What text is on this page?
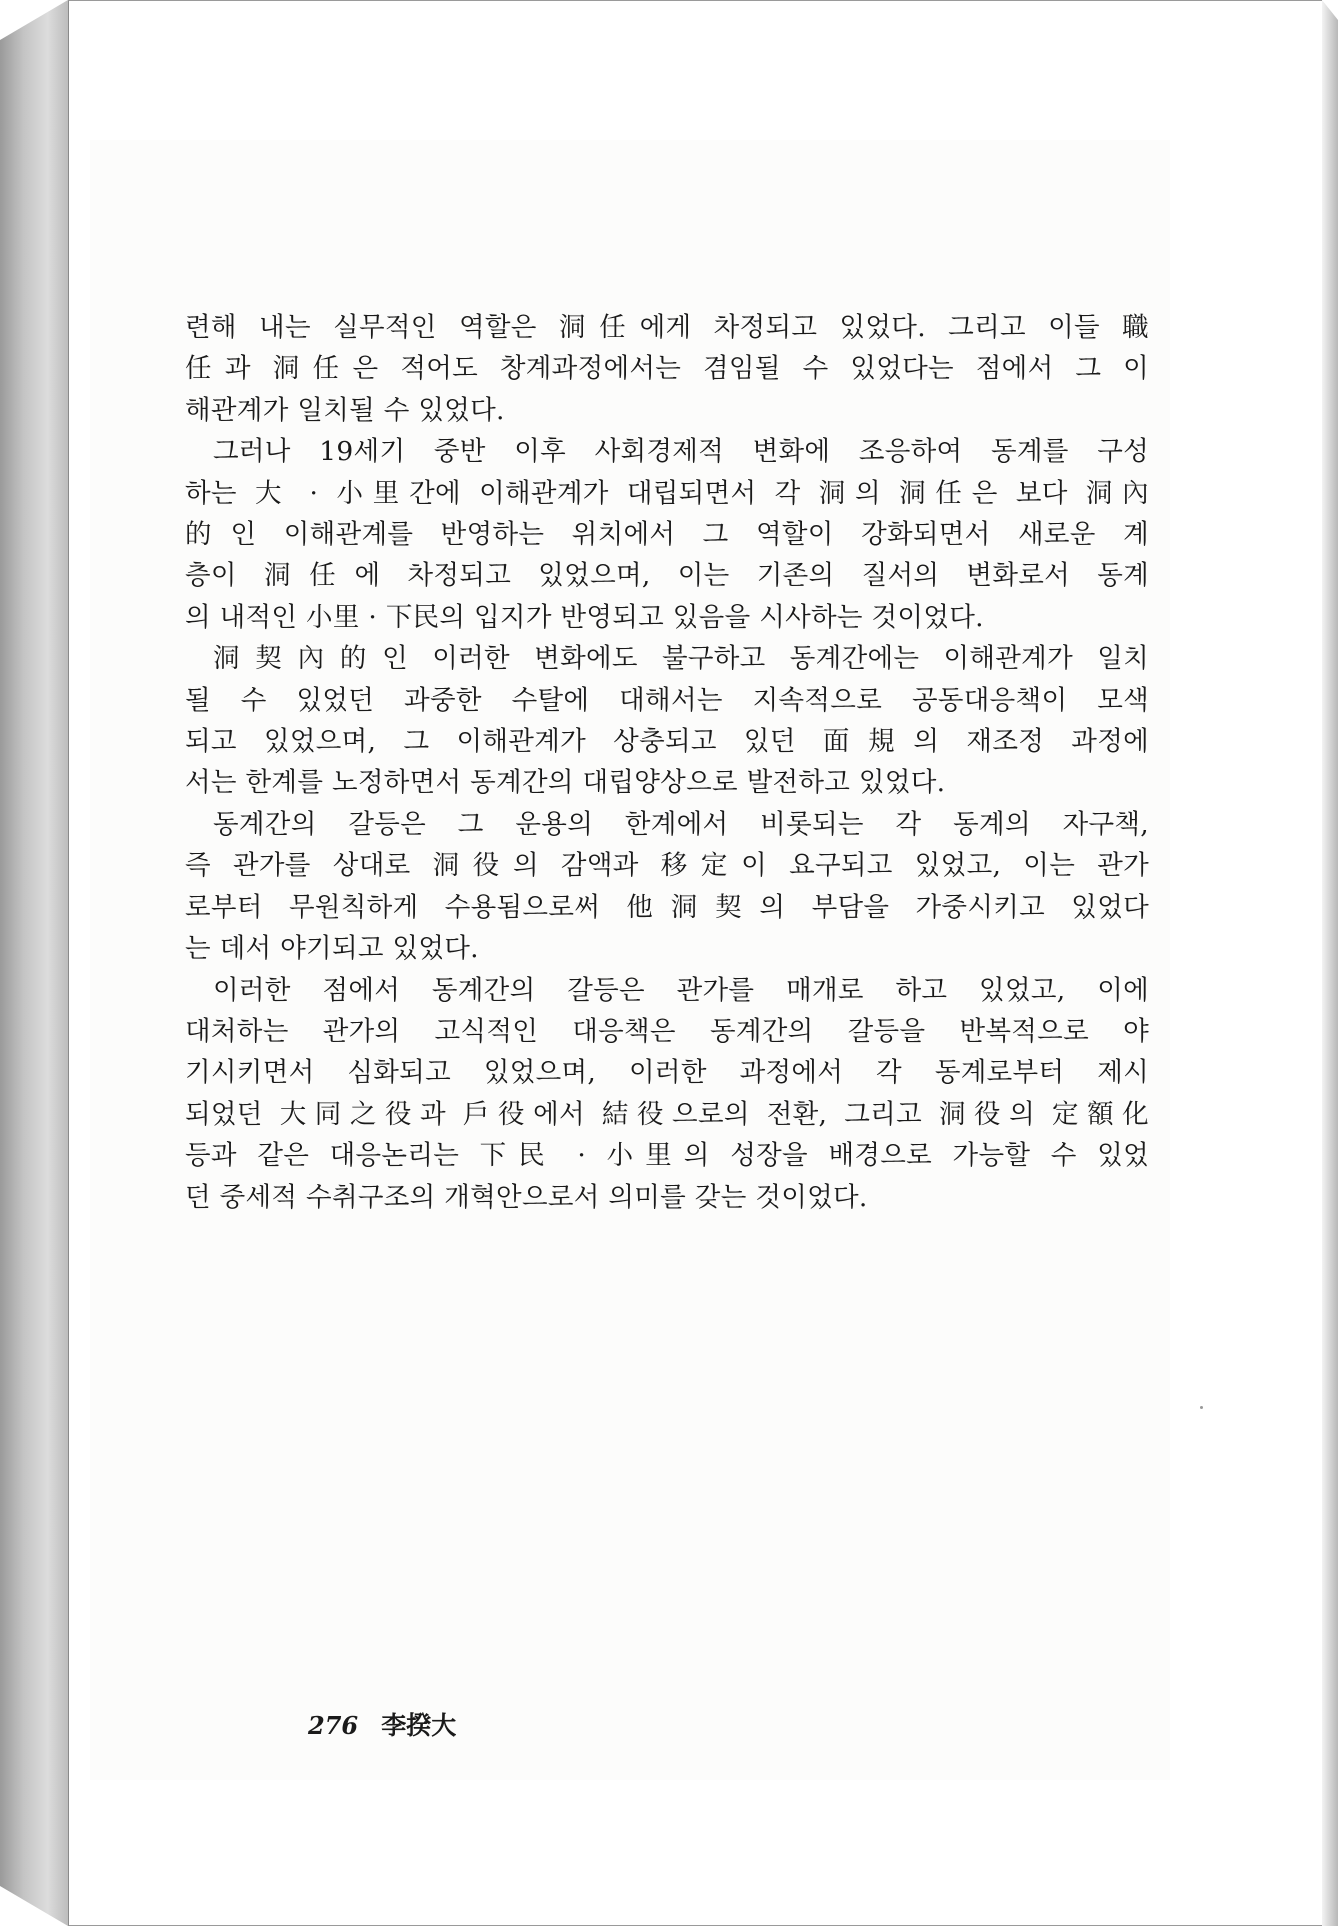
련해 내는 실무적인 역할은 洞任에게 차정되고 있었다. 그리고 이들 職
任과 洞任은 적어도 창계과정에서는 겸임될 수 있었다는 점에서 그 이
해관계가 일치될 수 있었다.

그러나 19세기 중반 이후 사회경제적 변화에 조응하여 동계를 구성
하는 大 · 小里간에 이해관계가 대립되면서 각 洞의 洞任은 보다 洞內
的인 이해관계를 반영하는 위치에서 그 역할이 강화되면서 새로운 계
층이 洞任에 차정되고 있었으며, 이는 기존의 질서의 변화로서 동계
의 내적인 小里 · 下民의 입지가 반영되고 있음을 시사하는 것이었다.

洞契內的인 이러한 변화에도 불구하고 동계간에는 이해관계가 일치
될 수 있었던 과중한 수탈에 대해서는 지속적으로 공동대응책이 모색
되고 있었으며, 그 이해관계가 상충되고 있던 面規의 재조정 과정에
서는 한계를 노정하면서 동계간의 대립양상으로 발전하고 있었다.

동계간의 갈등은 그 운용의 한계에서 비롯되는 각 동계의 자구책,
즉 관가를 상대로 洞役의 감액과 移定이 요구되고 있었고, 이는 관가
로부터 무원칙하게 수용됨으로써 他洞契의 부담을 가중시키고 있었다
는 데서 야기되고 있었다.

이러한 점에서 동계간의 갈등은 관가를 매개로 하고 있었고, 이에
대처하는 관가의 고식적인 대응책은 동계간의 갈등을 반복적으로 야
기시키면서 심화되고 있었으며, 이러한 과정에서 각 동계로부터 제시
되었던 大同之役과 戶役에서 結役으로의 전환, 그리고 洞役의 定額化
등과 같은 대응논리는 下民 · 小里의 성장을 배경으로 가능할 수 있었
던 중세적 수취구조의 개혁안으로서 의미를 갖는 것이었다.

276 李揆大
